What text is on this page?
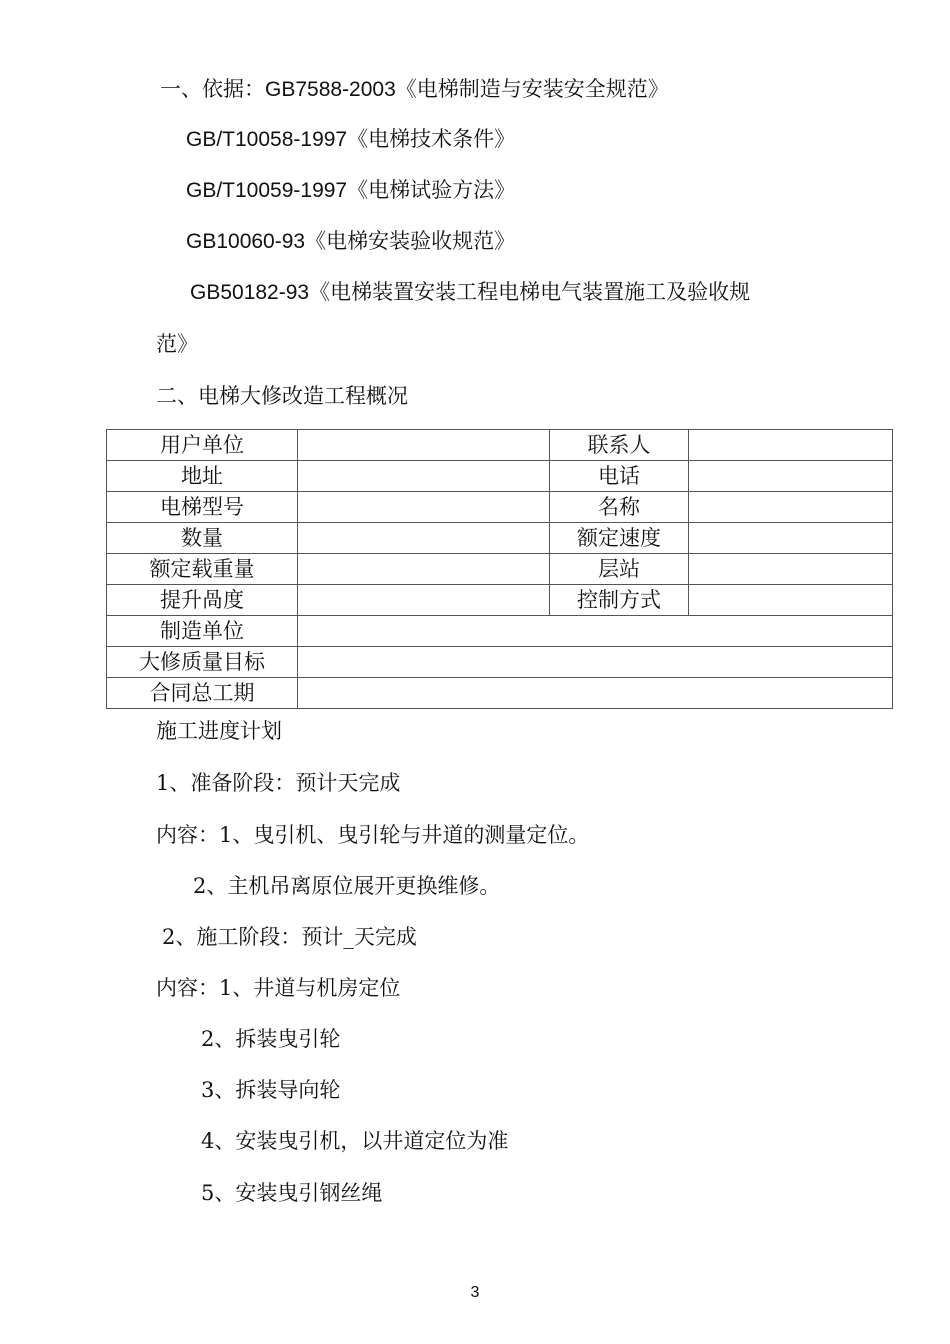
一、依据：GB7588-2003《电梯制造与安装安全规范》
GB/T10058-1997《电梯技术条件》
GB/T10059-1997《电梯试验方法》
GB10060-93《电梯安装验收规范》
GB50182-93《电梯装置安装工程电梯电气装置施工及验收规
范》
二、电梯大修改造工程概况
用户单位		联系人	
地址		电话	
电梯型号		名称	
数量		额定速度	
额定载重量		层站	
提升咼度		控制方式	
制造单位			
大修质量目标			
合同总工期			
施工进度计划
1、准备阶段：预计天完成
内容：1、曳引机、曳引轮与井道的测量定位。
2、主机吊离原位展开更换维修。
2、施工阶段：预计_天完成
内容：1、井道与机房定位
2、拆装曳引轮
3、拆装导向轮
4、安装曳引机，以井道定位为准
5、安装曳引钢丝绳
3
